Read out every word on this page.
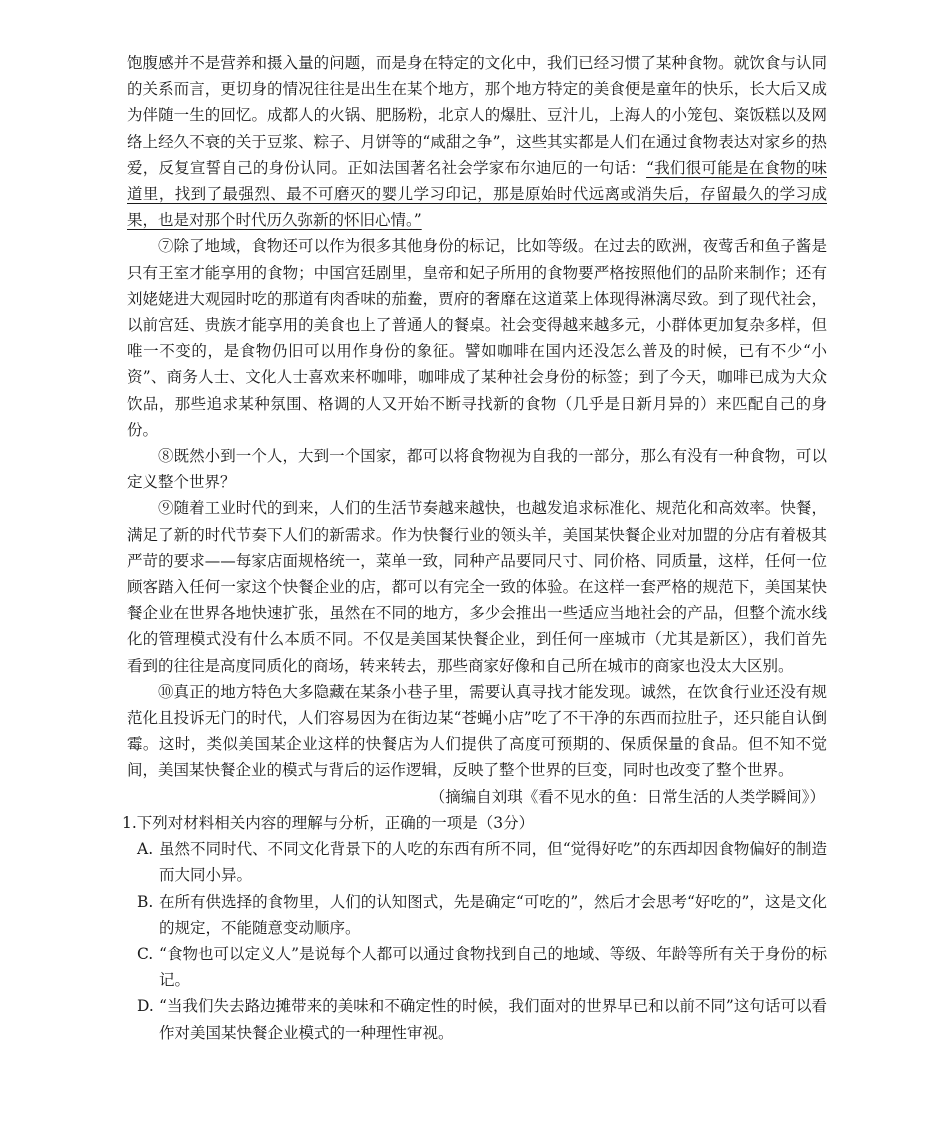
饱腹感并不是营养和摄入量的问题，而是身在特定的文化中，我们已经习惯了某种食物。就饮食与认同的关系而言，更切身的情况往往是出生在某个地方，那个地方特定的美食便是童年的快乐，长大后又成为伴随一生的回忆。成都人的火锅、肥肠粉，北京人的爆肚、豆汁儿，上海人的小笼包、粢饭糕以及网络上经久不衰的关于豆浆、粽子、月饼等的“咸甜之争”，这些其实都是人们在通过食物表达对家乡的热爱，反复宣誓自己的身份认同。正如法国著名社会学家布尔迪厄的一句话：“我们很可能是在食物的味道里，找到了最强烈、最不可磨灭的婴儿学习印记，那是原始时代远离或消失后，存留最久的学习成果，也是对那个时代历久弥新的怀旧心情。”

⑦除了地域，食物还可以作为很多其他身份的标记，比如等级。在过去的欧洲，夜莺舌和鱼子酱是只有王室才能享用的食物；中国宫廷剧里，皇帝和妃子所用的食物要严格按照他们的品阶来制作；还有刘姥姥进大观园时吃的那道有肉香味的茄鲞，贾府的奢靡在这道菜上体现得淋漓尽致。到了现代社会，以前宫廷、贵族才能享用的美食也上了普通人的餐桌。社会变得越来越多元，小群体更加复杂多样，但唯一不变的，是食物仍旧可以用作身份的象征。譬如咖啡在国内还没怎么普及的时候，已有不少“小资”、商务人士、文化人士喜欢来杯咖啡，咖啡成了某种社会身份的标签；到了今天，咖啡已成为大众饮品，那些追求某种氛围、格调的人又开始不断寻找新的食物（几乎是日新月异的）来匹配自己的身份。

⑧既然小到一个人，大到一个国家，都可以将食物视为自我的一部分，那么有没有一种食物，可以定义整个世界？

⑨随着工业时代的到来，人们的生活节奏越来越快，也越发追求标准化、规范化和高效率。快餐，满足了新的时代节奏下人们的新需求。作为快餐行业的领头羊，美国某快餐企业对加盟的分店有着极其严苛的要求——每家店面规格统一，菜单一致，同种产品要同尺寸、同价格、同质量，这样，任何一位顾客踏入任何一家这个快餐企业的店，都可以有完全一致的体验。在这样一套严格的规范下，美国某快餐企业在世界各地快速扩张，虽然在不同的地方，多少会推出一些适应当地社会的产品，但整个流水线化的管理模式没有什么本质不同。不仅是美国某快餐企业，到任何一座城市（尤其是新区），我们首先看到的往往是高度同质化的商场，转来转去，那些商家好像和自己所在城市的商家也没太大区别。

⑩真正的地方特色大多隐藏在某条小巷子里，需要认真寻找才能发现。诚然，在饮食行业还没有规范化且投诉无门的时代，人们容易因为在街边某“苍蝇小店”吃了不干净的东西而拉肚子，还只能自认倒霉。这时，类似美国某企业这样的快餐店为人们提供了高度可预期的、保质保量的食品。但不知不觉间，美国某快餐企业的模式与背后的运作逻辑，反映了整个世界的巨变，同时也改变了整个世界。

（摘编自刘琪《看不见水的鱼：日常生活的人类学瞬间》）

1.下列对材料相关内容的理解与分析，正确的一项是（3分）

A. 虽然不同时代、不同文化背景下的人吃的东西有所不同，但“觉得好吃”的东西却因食物偏好的制造而大同小异。
B. 在所有供选择的食物里，人们的认知图式，先是确定“可吃的”，然后才会思考“好吃的”，这是文化的规定，不能随意变动顺序。
C. “食物也可以定义人”是说每个人都可以通过食物找到自己的地域、等级、年龄等所有关于身份的标记。
D. “当我们失去路边摊带来的美味和不确定性的时候，我们面对的世界早已和以前不同”这句话可以看作对美国某快餐企业模式的一种理性审视。
